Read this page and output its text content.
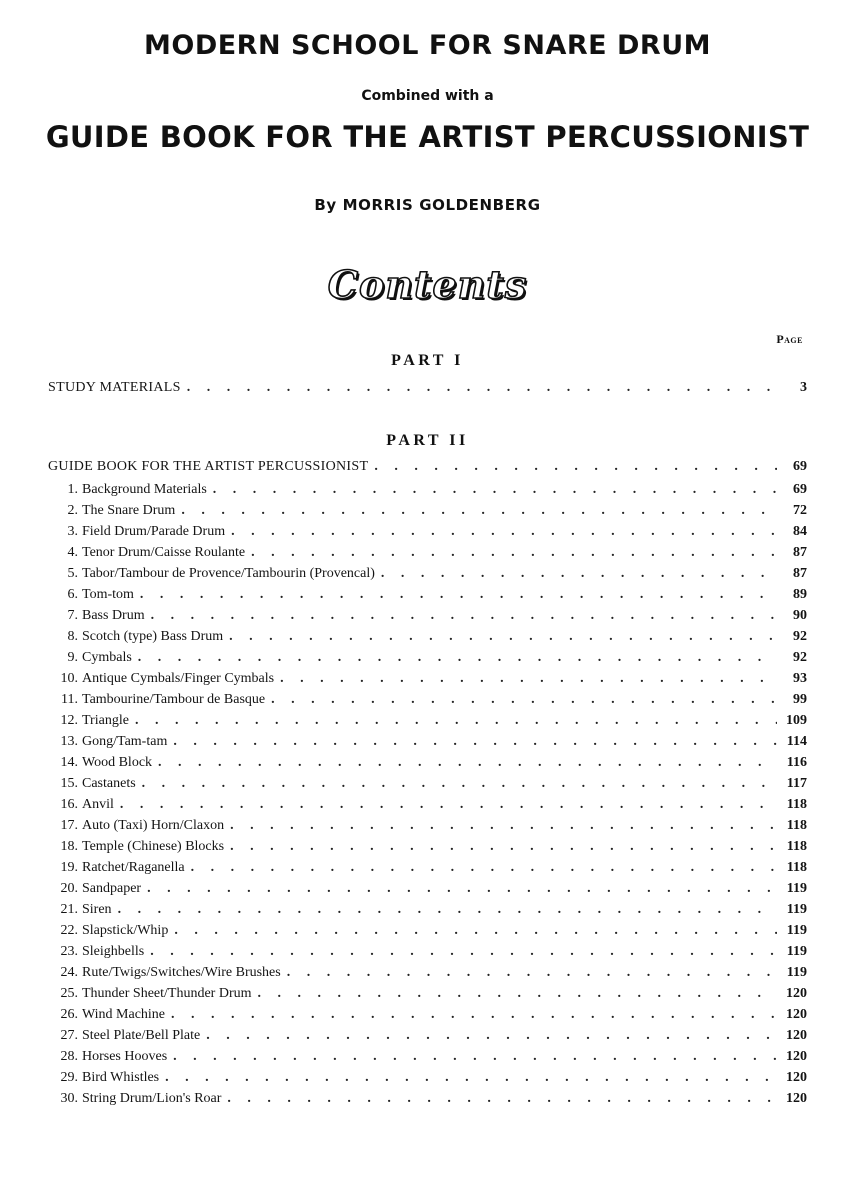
MODERN SCHOOL FOR SNARE DRUM
Combined with a
GUIDE BOOK FOR THE ARTIST PERCUSSIONIST
By MORRIS GOLDENBERG
Contents
Page
PART I
STUDY MATERIALS . . .	3
PART II
GUIDE BOOK FOR THE ARTIST PERCUSSIONIST . . .	69
1. Background Materials . . .	69
2. The Snare Drum . . .	72
3. Field Drum/Parade Drum . . .	84
4. Tenor Drum/Caisse Roulante . . .	87
5. Tabor/Tambour de Provence/Tambourin (Provencal) . . .	87
6. Tom-tom . . .	89
7. Bass Drum . . .	90
8. Scotch (type) Bass Drum . . .	92
9. Cymbals . . .	92
10. Antique Cymbals/Finger Cymbals . . .	93
11. Tambourine/Tambour de Basque . . .	99
12. Triangle . . .	109
13. Gong/Tam-tam . . .	114
14. Wood Block . . .	116
15. Castanets . . .	117
16. Anvil . . .	118
17. Auto (Taxi) Horn/Claxon . . .	118
18. Temple (Chinese) Blocks . . .	118
19. Ratchet/Raganella . . .	118
20. Sandpaper . . .	119
21. Siren . . .	119
22. Slapstick/Whip . . .	119
23. Sleighbells . . .	119
24. Rute/Twigs/Switches/Wire Brushes . . .	119
25. Thunder Sheet/Thunder Drum . . .	120
26. Wind Machine . . .	120
27. Steel Plate/Bell Plate . . .	120
28. Horses Hooves . . .	120
29. Bird Whistles . . .	120
30. String Drum/Lion's Roar . . .	120
